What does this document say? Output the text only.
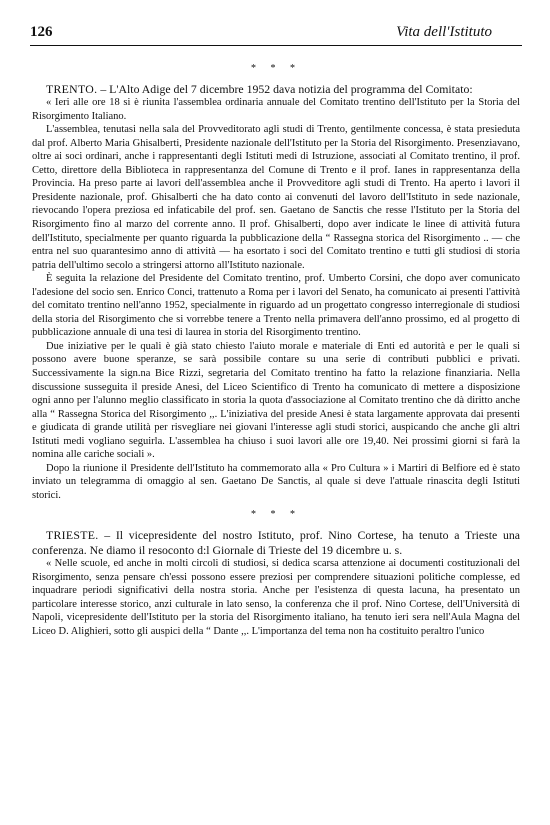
126	Vita dell'Istituto
* * *

TRENTO. – L'Alto Adige del 7 dicembre 1952 dava notizia del programma del Comitato:

« Ieri alle ore 18 si è riunita l'assemblea ordinaria annuale del Comitato trentino dell'Istituto per la Storia del Risorgimento Italiano.

L'assemblea, tenutasi nella sala del Provveditorato agli studi di Trento, gentilmente concessa, è stata presieduta dal prof. Alberto Maria Ghisalberti, Presidente nazionale dell'Istituto per la Storia del Risorgimento. Presenziavano, oltre ai soci ordinari, anche i rappresentanti degli Istituti medi di Istruzione, associati al Comitato trentino, il prof. Cetto, direttore della Biblioteca in rappresentanza del Comune di Trento e il prof. Ianes in rappresentanza della Provincia. Ha preso parte ai lavori dell'assemblea anche il Provveditore agli studi di Trento. Ha aperto i lavori il Presidente nazionale, prof. Ghisalberti che ha dato conto ai convenuti del lavoro dell'Istituto in sede nazionale, rievocando l'opera preziosa ed infaticabile del prof. sen. Gaetano de Sanctis che resse l'Istituto per la Storia del Risorgimento fino al marzo del corrente anno. Il prof. Ghisalberti, dopo aver indicate le linee di attività futura dell'Istituto, specialmente per quanto riguarda la pubblicazione della “ Rassegna storica del Risorgimento .. — che entra nel suo quarantesimo anno di attività — ha esortato i soci del Comitato trentino e tutti gli studiosi di storia patria dell'ultimo secolo a stringersi attorno all'Istituto nazionale.

È seguita la relazione del Presidente del Comitato trentino, prof. Umberto Corsini, che dopo aver comunicato l'adesione del socio sen. Enrico Conci, trattenuto a Roma per i lavori del Senato, ha comunicato ai presenti l'attività del comitato trentino nell'anno 1952, specialmente in riguardo ad un progettato congresso interregionale di studiosi della storia del Risorgimento che si vorrebbe tenere a Trento nella primavera dell'anno prossimo, ed al progetto di pubblicazione annuale di una tesi di laurea in storia del Risorgimento trentino.

Due iniziative per le quali è già stato chiesto l'aiuto morale e materiale di Enti ed autorità e per le quali si possono avere buone speranze, se sarà possibile contare su una serie di contributi pubblici e privati. Successivamente la sign.na Bice Rizzi, segretaria del Comitato trentino ha fatto la relazione finanziaria. Nella discussione susseguita il preside Anesi, del Liceo Scientifico di Trento ha comunicato di mettere a disposizione ogni anno per l'alunno meglio classificato in storia la quota d'associazione al Comitato trentino che dà diritto anche alla “ Rassegna Storica del Risorgimento ,,. L'iniziativa del preside Anesi è stata largamente approvata dai presenti e giudicata di grande utilità per risvegliare nei giovani l'interesse agli studi storici, auspicando che anche gli altri Istituti medi vogliano seguirla. L'assemblea ha chiuso i suoi lavori alle ore 19,40. Nei prossimi giorni si farà la nomina alle cariche sociali ».

Dopo la riunione il Presidente dell'Istituto ha commemorato alla « Pro Cultura » i Martiri di Belfiore ed è stato inviato un telegramma di omaggio al sen. Gaetano De Sanctis, al quale si deve l'attuale rinascita degli Istituti storici.

* * *

TRIESTE. – Il vicepresidente del nostro Istituto, prof. Nino Cortese, ha tenuto a Trieste una conferenza. Ne diamo il resoconto d:l Giornale di Trieste del 19 dicembre u. s.

« Nelle scuole, ed anche in molti circoli di studiosi, si dedica scarsa attenzione ai documenti costituzionali del Risorgimento, senza pensare ch'essi possono essere preziosi per comprendere situazioni politiche complesse, ed inquadrare periodi significativi della nostra storia. Anche per l'esistenza di questa lacuna, ha presentato un particolare interesse storico, anzi culturale in lato senso, la conferenza che il prof. Nino Cortese, dell'Università di Napoli, vicepresidente dell'Istituto per la storia del Risorgimento italiano, ha tenuto ieri sera nell'Aula Magna del Liceo D. Alighieri, sotto gli auspici della “ Dante ,,. L'importanza del tema non ha costituito peraltro l'unico
